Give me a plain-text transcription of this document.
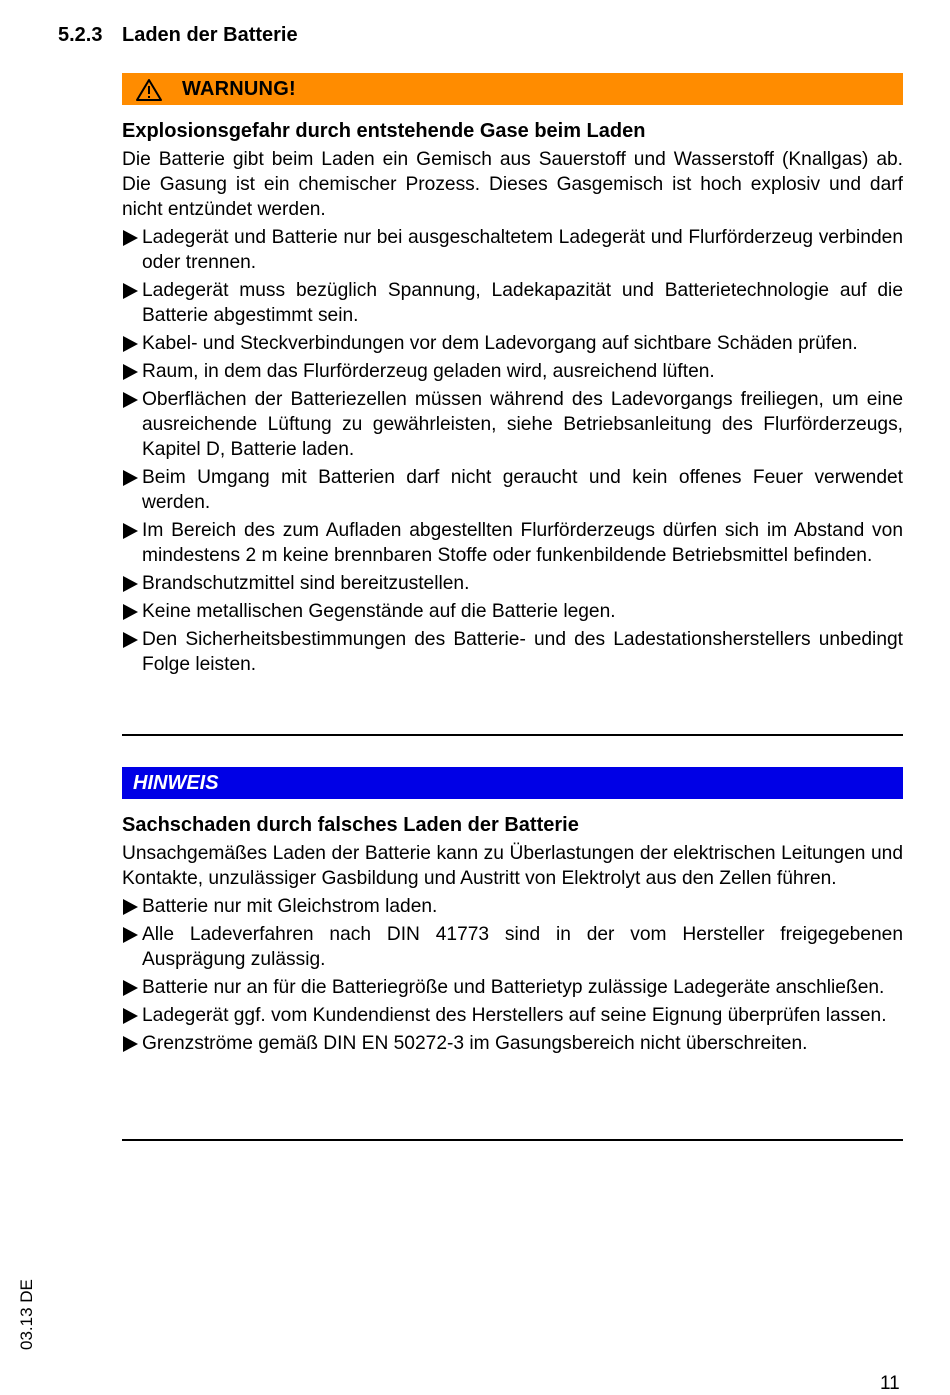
5.2.3 Laden der Batterie
WARNUNG!
Explosionsgefahr durch entstehende Gase beim Laden

Die Batterie gibt beim Laden ein Gemisch aus Sauerstoff und Wasserstoff (Knallgas) ab. Die Gasung ist ein chemischer Prozess. Dieses Gasgemisch ist hoch explosiv und darf nicht entzündet werden.

Ladegerät und Batterie nur bei ausgeschaltetem Ladegerät und Flurförderzeug verbinden oder trennen.
Ladegerät muss bezüglich Spannung, Ladekapazität und Batterietechnologie auf die Batterie abgestimmt sein.
Kabel- und Steckverbindungen vor dem Ladevorgang auf sichtbare Schäden prüfen.
Raum, in dem das Flurförderzeug geladen wird, ausreichend lüften.
Oberflächen der Batteriezellen müssen während des Ladevorgangs freiliegen, um eine ausreichende Lüftung zu gewährleisten, siehe Betriebsanleitung des Flurförderzeugs, Kapitel D, Batterie laden.
Beim Umgang mit Batterien darf nicht geraucht und kein offenes Feuer verwendet werden.
Im Bereich des zum Aufladen abgestellten Flurförderzeugs dürfen sich im Abstand von mindestens 2 m keine brennbaren Stoffe oder funkenbildende Betriebsmittel befinden.
Brandschutzmittel sind bereitzustellen.
Keine metallischen Gegenstände auf die Batterie legen.
Den Sicherheitsbestimmungen des Batterie- und des Ladestationsherstellers unbedingt Folge leisten.
HINWEIS
Sachschaden durch falsches Laden der Batterie

Unsachgemäßes Laden der Batterie kann zu Überlastungen der elektrischen Leitungen und Kontakte, unzulässiger Gasbildung und Austritt von Elektrolyt aus den Zellen führen.

Batterie nur mit Gleichstrom laden.
Alle Ladeverfahren nach DIN 41773 sind in der vom Hersteller freigegebenen Ausprägung zulässig.
Batterie nur an für die Batteriegröße und Batterietyp zulässige Ladegeräte anschließen.
Ladegerät ggf. vom Kundendienst des Herstellers auf seine Eignung überprüfen lassen.
Grenzströme gemäß DIN EN 50272-3 im Gasungsbereich nicht überschreiten.
03.13 DE
11
